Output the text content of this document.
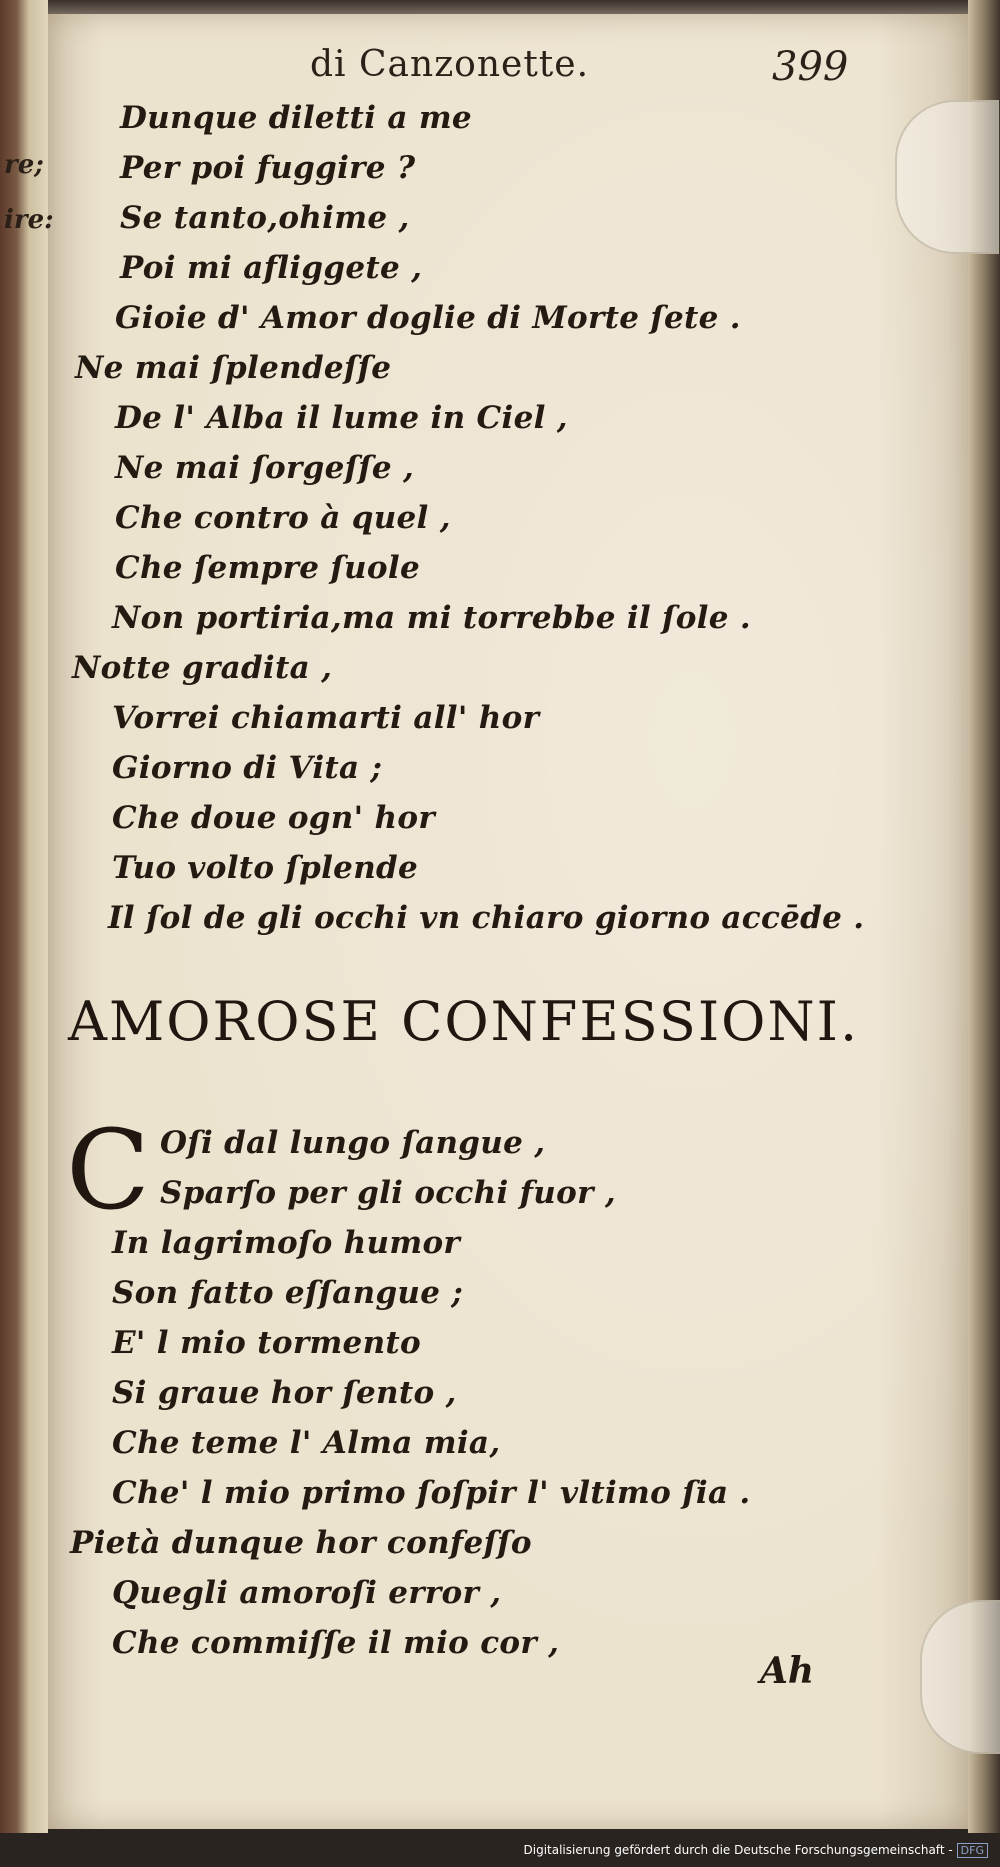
re;
ire:
di Canzonette.	399
Dunque diletti a me
Per poi fuggire ?
Se tanto,ohime ,
Poi mi afliggete ,
Gioie d' Amor doglie di Morte ſete .
Ne mai ſplendeſſe
De l' Alba il lume in Ciel ,
Ne mai ſorgeſſe ,
Che contro à quel ,
Che ſempre ſuole
Non portiria,ma mi torrebbe il ſole .
Notte gradita ,
Vorrei chiamarti all' hor
Giorno di Vita ;
Che doue ogn' hor
Tuo volto ſplende
Il ſol de gli occhi vn chiaro giorno accēde .
AMOROSE CONFESSIONI.
C Oſi dal lungo ſangue ,
Sparſo per gli occhi fuor ,
In lagrimoſo humor
Son fatto eſſangue ;
E' l mio tormento
Si graue hor ſento ,
Che teme l' Alma mia,
Che' l mio primo ſoſpir l' vltimo ſia .
Pietà dunque hor confeſſo
Quegli amoroſi error ,
Che commiſſe il mio cor ,
Ah
Digitalisierung gefördert durch die Deutsche Forschungsgemeinschaft - DFG
